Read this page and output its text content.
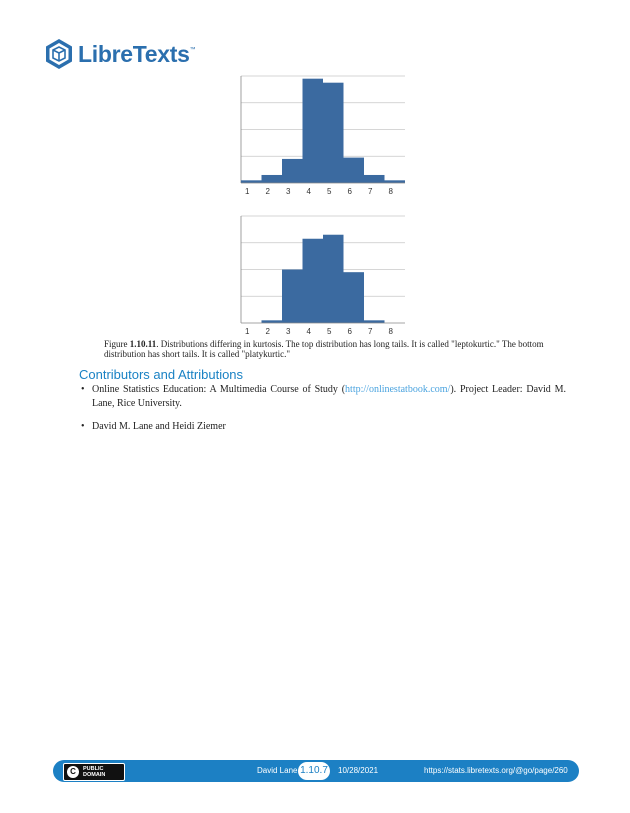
LibreTexts™
1 2 3 4 5 6 7 8
1 2 3 4 5 6 7 8
Figure 1.10.11. Distributions differing in kurtosis. The top distribution has long tails. It is called "leptokurtic." The bottom distribution has short tails. It is called "platykurtic."
Contributors and Attributions
• Online Statistics Education: A Multimedia Course of Study (http://onlinestatbook.com/). Project Leader: David M. Lane, Rice University.
• David M. Lane and Heidi Ziemer
C PUBLIC
DOMAIN	David Lane 1.10.7 10/28/2021	https://stats.libretexts.org/@go/page/260
